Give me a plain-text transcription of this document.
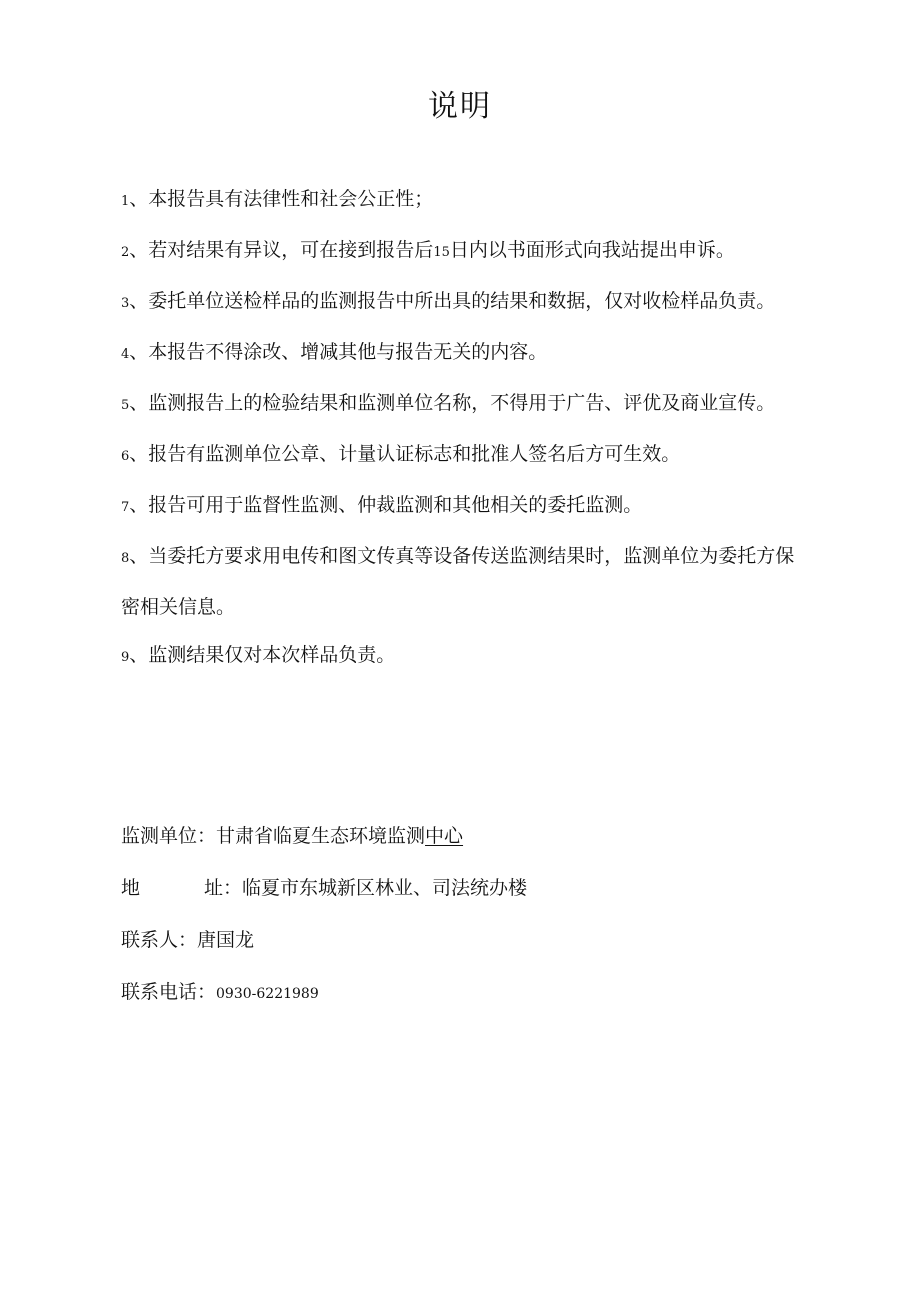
说明
1、本报告具有法律性和社会公正性；
2、若对结果有异议，可在接到报告后15日内以书面形式向我站提出申诉。
3、委托单位送检样品的监测报告中所出具的结果和数据，仅对收检样品负责。
4、本报告不得涂改、增减其他与报告无关的内容。
5、监测报告上的检验结果和监测单位名称，不得用于广告、评优及商业宣传。
6、报告有监测单位公章、计量认证标志和批准人签名后方可生效。
7、报告可用于监督性监测、仲裁监测和其他相关的委托监测。
8、当委托方要求用电传和图文传真等设备传送监测结果时，监测单位为委托方保密相关信息。
9、监测结果仅对本次样品负责。
监测单位：甘肃省临夏生态环境监测中心
地	址：临夏市东城新区林业、司法统办楼
联系人：唐国龙
联系电话：0930-6221989
